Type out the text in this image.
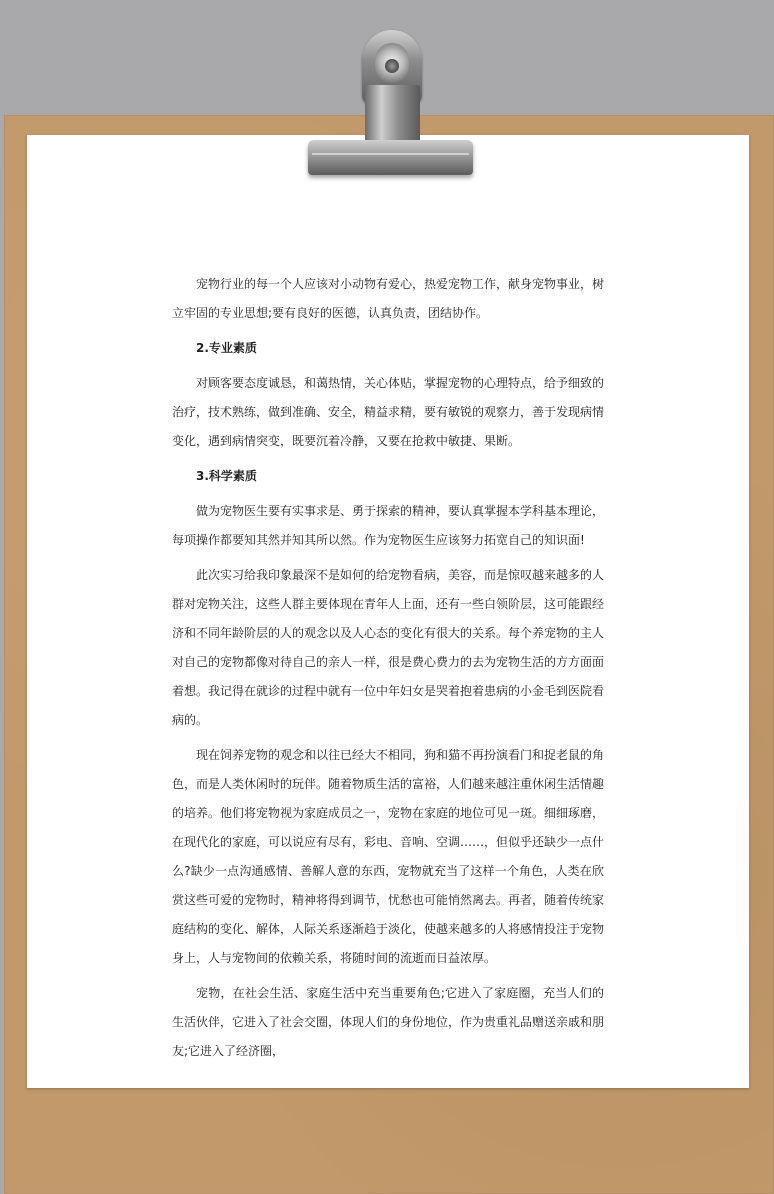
宠物行业的每一个人应该对小动物有爱心，热爱宠物工作，献身宠物事业，树立牢固的专业思想;要有良好的医德，认真负责，团结协作。

2.专业素质

对顾客要态度诚恳，和蔼热情，关心体贴，掌握宠物的心理特点，给予细致的治疗，技术熟练，做到准确、安全，精益求精，要有敏锐的观察力，善于发现病情变化，遇到病情突变，既要沉着冷静，又要在抢救中敏捷、果断。

3.科学素质

做为宠物医生要有实事求是、勇于探索的精神，要认真掌握本学科基本理论，每项操作都要知其然并知其所以然。作为宠物医生应该努力拓宽自己的知识面!

此次实习给我印象最深不是如何的给宠物看病，美容，而是惊叹越来越多的人群对宠物关注，这些人群主要体现在青年人上面，还有一些白领阶层，这可能跟经济和不同年龄阶层的人的观念以及人心态的变化有很大的关系。每个养宠物的主人对自己的宠物都像对待自己的亲人一样，很是费心费力的去为宠物生活的方方面面着想。我记得在就诊的过程中就有一位中年妇女是哭着抱着患病的小金毛到医院看病的。

现在饲养宠物的观念和以往已经大不相同，狗和猫不再扮演看门和捉老鼠的角色，而是人类休闲时的玩伴。随着物质生活的富裕，人们越来越注重休闲生活情趣的培养。他们将宠物视为家庭成员之一，宠物在家庭的地位可见一斑。细细琢磨，在现代化的家庭，可以说应有尽有，彩电、音响、空调……，但似乎还缺少一点什么?缺少一点沟通感情、善解人意的东西，宠物就充当了这样一个角色，人类在欣赏这些可爱的宠物时，精神将得到调节，忧愁也可能悄然离去。再者，随着传统家庭结构的变化、解体，人际关系逐渐趋于淡化，使越来越多的人将感情投注于宠物身上，人与宠物间的依赖关系，将随时间的流逝而日益浓厚。

宠物，在社会生活、家庭生活中充当重要角色;它进入了家庭圈，充当人们的生活伙伴，它进入了社会交圈，体现人们的身份地位，作为贵重礼品赠送亲戚和朋友;它进入了经济圈，
